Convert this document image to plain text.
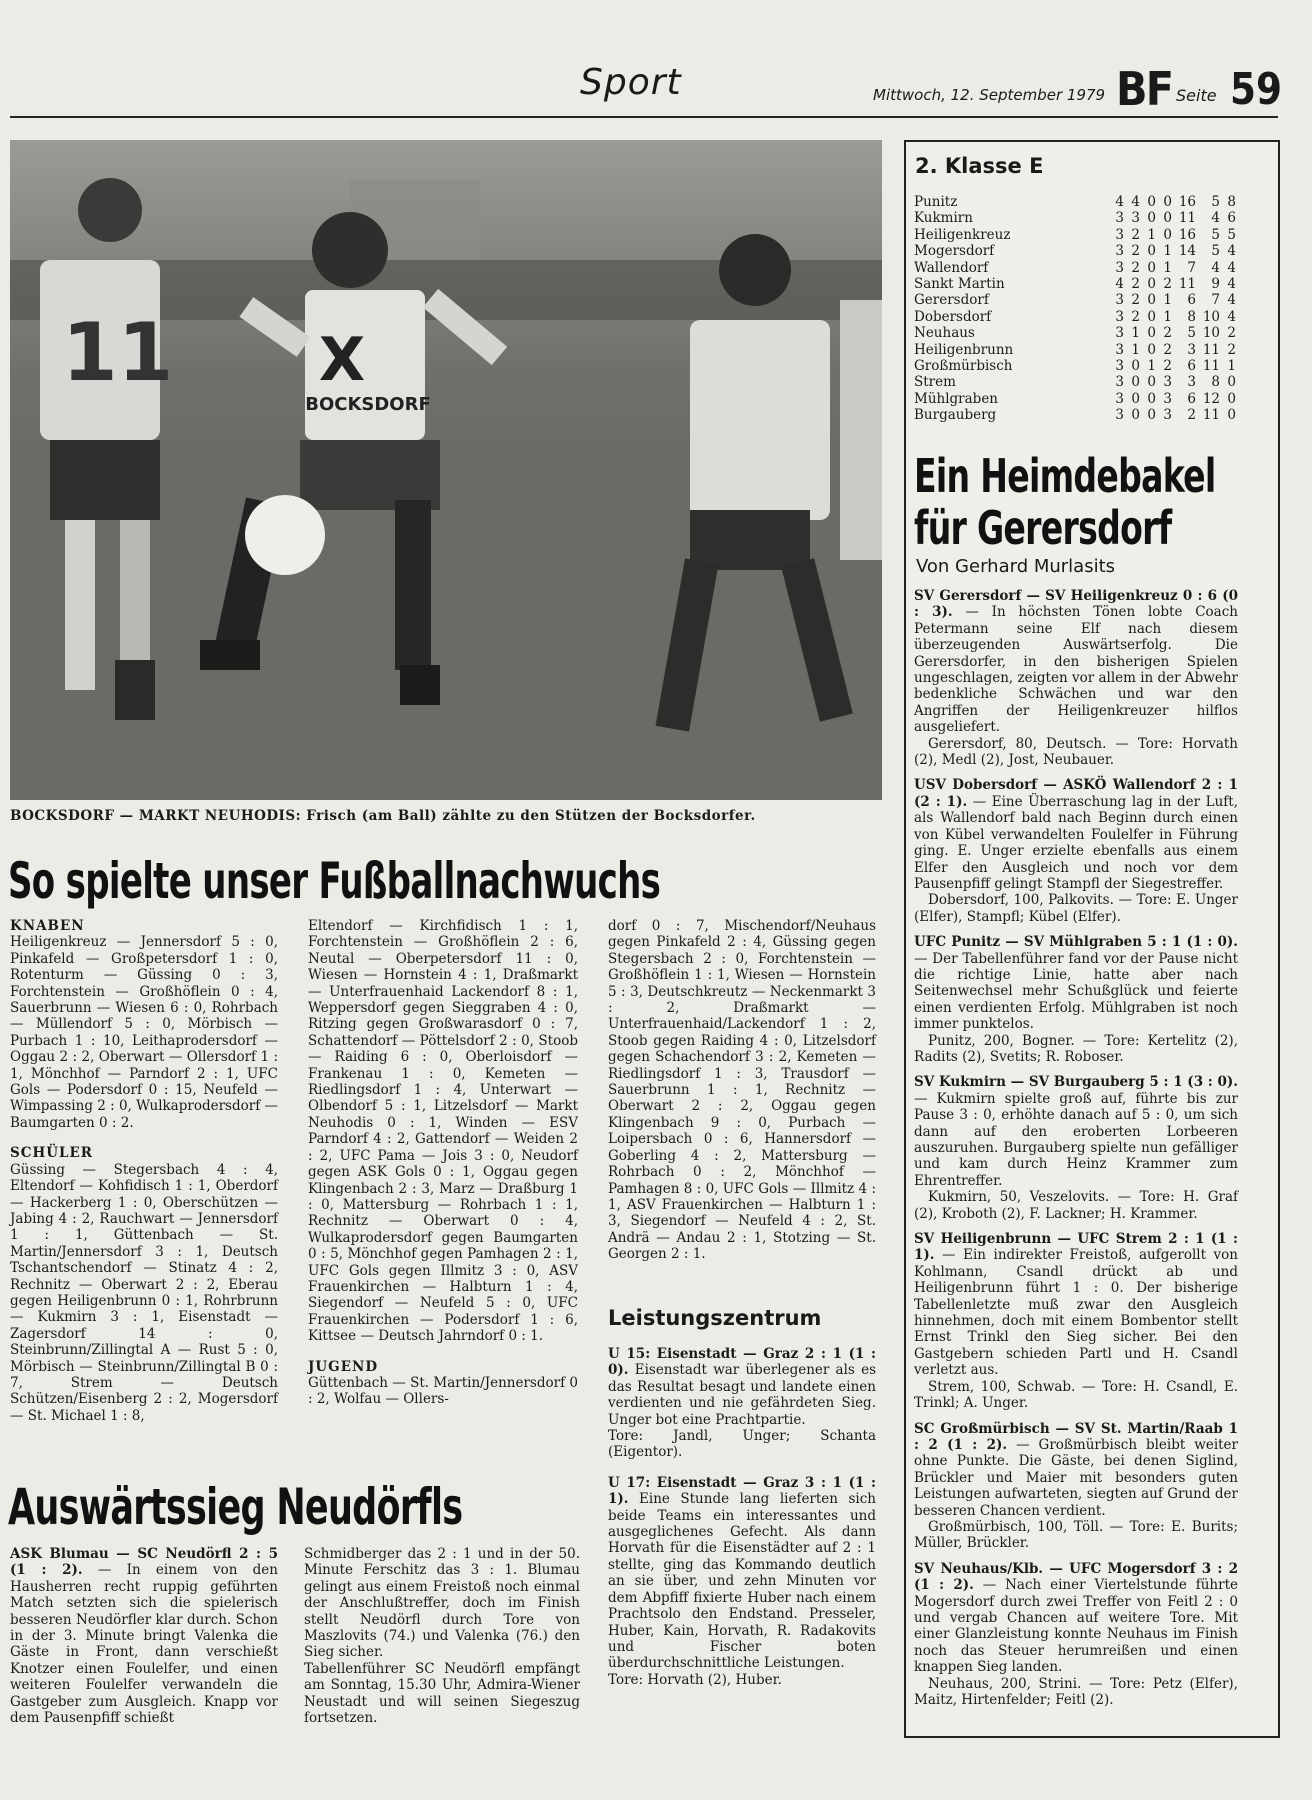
Sport	Mittwoch, 12. September 1979 BF Seite 59
11 X
BOCKSDORF
BOCKSDORF — MARKT NEUHODIS: Frisch (am Ball) zählte zu den Stützen der Bocksdorfer.
So spielte unser Fußballnachwuchs

KNABEN

Heiligenkreuz — Jennersdorf 5 : 0, Pinkafeld — Großpetersdorf 1 : 0, Rotenturm — Güssing 0 : 3, Forchtenstein — Großhöflein 0 : 4, Sauerbrunn — Wiesen 6 : 0, Rohrbach — Müllendorf 5 : 0, Mörbisch — Purbach 1 : 10, Leithaprodersdorf — Oggau 2 : 2, Oberwart — Ollersdorf 1 : 1, Mönchhof — Parndorf 2 : 1, UFC Gols — Podersdorf 0 : 15, Neufeld — Wimpassing 2 : 0, Wulkaprodersdorf — Baumgarten 0 : 2.

SCHÜLER

Güssing — Stegersbach 4 : 4, Eltendorf — Kohfidisch 1 : 1, Oberdorf — Hackerberg 1 : 0, Oberschützen — Jabing 4 : 2, Rauchwart — Jennersdorf 1 : 1, Güttenbach — St. Martin/Jennersdorf 3 : 1, Deutsch Tschantschendorf — Stinatz 4 : 2, Rechnitz — Oberwart 2 : 2, Eberau gegen Heiligenbrunn 0 : 1, Rohrbrunn — Kukmirn 3 : 1, Eisenstadt — Zagersdorf 14 : 0, Steinbrunn/Zillingtal A — Rust 5 : 0, Mörbisch — Steinbrunn/Zillingtal B 0 : 7, Strem — Deutsch Schützen/Eisenberg 2 : 2, Mogersdorf — St. Michael 1 : 8,

Eltendorf — Kirchfidisch 1 : 1, Forchtenstein — Großhöflein 2 : 6, Neutal — Oberpetersdorf 11 : 0, Wiesen — Hornstein 4 : 1, Draßmarkt — Unterfrauenhaid Lackendorf 8 : 1, Weppersdorf gegen Sieggraben 4 : 0, Ritzing gegen Großwarasdorf 0 : 7, Schattendorf — Pöttelsdorf 2 : 0, Stoob — Raiding 6 : 0, Oberloisdorf — Frankenau 1 : 0, Kemeten — Riedlingsdorf 1 : 4, Unterwart — Olbendorf 5 : 1, Litzelsdorf — Markt Neuhodis 0 : 1, Winden — ESV Parndorf 4 : 2, Gattendorf — Weiden 2 : 2, UFC Pama — Jois 3 : 0, Neudorf gegen ASK Gols 0 : 1, Oggau gegen Klingenbach 2 : 3, Marz — Draßburg 1 : 0, Mattersburg — Rohrbach 1 : 1, Rechnitz — Oberwart 0 : 4, Wulkaprodersdorf gegen Baumgarten 0 : 5, Mönchhof gegen Pamhagen 2 : 1, UFC Gols gegen Illmitz 3 : 0, ASV Frauenkirchen — Halbturn 1 : 4, Siegendorf — Neufeld 5 : 0, UFC Frauenkirchen — Podersdorf 1 : 6, Kittsee — Deutsch Jahrndorf 0 : 1.

JUGEND

Güttenbach — St. Martin/Jennersdorf 0 : 2, Wolfau — Ollers-

dorf 0 : 7, Mischendorf/Neuhaus gegen Pinkafeld 2 : 4, Güssing gegen Stegersbach 2 : 0, Forchtenstein — Großhöflein 1 : 1, Wiesen — Hornstein 5 : 3, Deutschkreutz — Neckenmarkt 3 : 2, Draßmarkt — Unterfrauenhaid/Lackendorf 1 : 2, Stoob gegen Raiding 4 : 0, Litzelsdorf gegen Schachendorf 3 : 2, Kemeten — Riedlingsdorf 1 : 3, Trausdorf — Sauerbrunn 1 : 1, Rechnitz — Oberwart 2 : 2, Oggau gegen Klingenbach 9 : 0, Purbach — Loipersbach 0 : 6, Hannersdorf — Goberling 4 : 2, Mattersburg — Rohrbach 0 : 2, Mönchhof — Pamhagen 8 : 0, UFC Gols — Illmitz 4 : 1, ASV Frauenkirchen — Halbturn 1 : 3, Siegendorf — Neufeld 4 : 2, St. Andrä — Andau 2 : 1, Stotzing — St. Georgen 2 : 1.

Leistungszentrum

U 15: Eisenstadt — Graz 2 : 1 (1 : 0). Eisenstadt war überlegener als es das Resultat besagt und landete einen verdienten und nie gefährdeten Sieg. Unger bot eine Prachtpartie.

Tore: Jandl, Unger; Schanta (Eigentor).

U 17: Eisenstadt — Graz 3 : 1 (1 : 1). Eine Stunde lang lieferten sich beide Teams ein interessantes und ausgeglichenes Gefecht. Als dann Horvath für die Eisenstädter auf 2 : 1 stellte, ging das Kommando deutlich an sie über, und zehn Minuten vor dem Abpfiff fixierte Huber nach einem Prachtsolo den Endstand. Presseler, Huber, Kain, Horvath, R. Radakovits und Fischer boten überdurchschnittliche Leistungen.

Tore: Horvath (2), Huber.

Auswärtssieg Neudörfls

ASK Blumau — SC Neudörfl 2 : 5 (1 : 2). — In einem von den Hausherren recht ruppig geführten Match setzten sich die spielerisch besseren Neudörfler klar durch. Schon in der 3. Minute bringt Valenka die Gäste in Front, dann verschießt Knotzer einen Foulelfer, und einen weiteren Foulelfer verwandeln die Gastgeber zum Ausgleich. Knapp vor dem Pausenpfiff schießt

Schmidberger das 2 : 1 und in der 50. Minute Ferschitz das 3 : 1. Blumau gelingt aus einem Freistoß noch einmal der Anschlußtreffer, doch im Finish stellt Neudörfl durch Tore von Maszlovits (74.) und Valenka (76.) den Sieg sicher.

Tabellenführer SC Neudörfl empfängt am Sonntag, 15.30 Uhr, Admira-Wiener Neustadt und will seinen Siegeszug fortsetzen.

2. Klasse E
Punitz	4	4	0	0	16	5	8
Kukmirn	3	3	0	0	11	4	6
Heiligenkreuz	3	2	1	0	16	5	5
Mogersdorf	3	2	0	1	14	5	4
Wallendorf	3	2	0	1	7	4	4
Sankt Martin	4	2	0	2	11	9	4
Gerersdorf	3	2	0	1	6	7	4
Dobersdorf	3	2	0	1	8	10	4
Neuhaus	3	1	0	2	5	10	2
Heiligenbrunn	3	1	0	2	3	11	2
Großmürbisch	3	0	1	2	6	11	1
Strem	3	0	0	3	3	8	0
Mühlgraben	3	0	0	3	6	12	0
Burgauberg	3	0	0	3	2	11	0
Ein Heimdebakel
für Gerersdorf
Von Gerhard Murlasits

SV Gerersdorf — SV Heiligenkreuz 0 : 6 (0 : 3). — In höchsten Tönen lobte Coach Petermann seine Elf nach diesem überzeugenden Auswärtserfolg. Die Gerersdorfer, in den bisherigen Spielen ungeschlagen, zeigten vor allem in der Abwehr bedenkliche Schwächen und war den Angriffen der Heiligenkreuzer hilflos ausgeliefert.

Gerersdorf, 80, Deutsch. — Tore: Horvath (2), Medl (2), Jost, Neubauer.

USV Dobersdorf — ASKÖ Wallendorf 2 : 1 (2 : 1). — Eine Überraschung lag in der Luft, als Wallendorf bald nach Beginn durch einen von Kübel verwandelten Foulelfer in Führung ging. E. Unger erzielte ebenfalls aus einem Elfer den Ausgleich und noch vor dem Pausenpfiff gelingt Stampfl der Siegestreffer.

Dobersdorf, 100, Palkovits. — Tore: E. Unger (Elfer), Stampfl; Kübel (Elfer).

UFC Punitz — SV Mühlgraben 5 : 1 (1 : 0). — Der Tabellenführer fand vor der Pause nicht die richtige Linie, hatte aber nach Seitenwechsel mehr Schußglück und feierte einen verdienten Erfolg. Mühlgraben ist noch immer punktelos.

Punitz, 200, Bogner. — Tore: Kertelitz (2), Radits (2), Svetits; R. Roboser.

SV Kukmirn — SV Burgauberg 5 : 1 (3 : 0). — Kukmirn spielte groß auf, führte bis zur Pause 3 : 0, erhöhte danach auf 5 : 0, um sich dann auf den eroberten Lorbeeren auszuruhen. Burgauberg spielte nun gefälliger und kam durch Heinz Krammer zum Ehrentreffer.

Kukmirn, 50, Veszelovits. — Tore: H. Graf (2), Kroboth (2), F. Lackner; H. Krammer.

SV Heiligenbrunn — UFC Strem 2 : 1 (1 : 1). — Ein indirekter Freistoß, aufgerollt von Kohlmann, Csandl drückt ab und Heiligenbrunn führt 1 : 0. Der bisherige Tabellenletzte muß zwar den Ausgleich hinnehmen, doch mit einem Bombentor stellt Ernst Trinkl den Sieg sicher. Bei den Gastgebern schieden Partl und H. Csandl verletzt aus.

Strem, 100, Schwab. — Tore: H. Csandl, E. Trinkl; A. Unger.

SC Großmürbisch — SV St. Martin/Raab 1 : 2 (1 : 2). — Großmürbisch bleibt weiter ohne Punkte. Die Gäste, bei denen Siglind, Brückler und Maier mit besonders guten Leistungen aufwarteten, siegten auf Grund der besseren Chancen verdient.

Großmürbisch, 100, Töll. — Tore: E. Burits; Müller, Brückler.

SV Neuhaus/Klb. — UFC Mogersdorf 3 : 2 (1 : 2). — Nach einer Viertelstunde führte Mogersdorf durch zwei Treffer von Feitl 2 : 0 und vergab Chancen auf weitere Tore. Mit einer Glanzleistung konnte Neuhaus im Finish noch das Steuer herumreißen und einen knappen Sieg landen.

Neuhaus, 200, Strini. — Tore: Petz (Elfer), Maitz, Hirtenfelder; Feitl (2).
